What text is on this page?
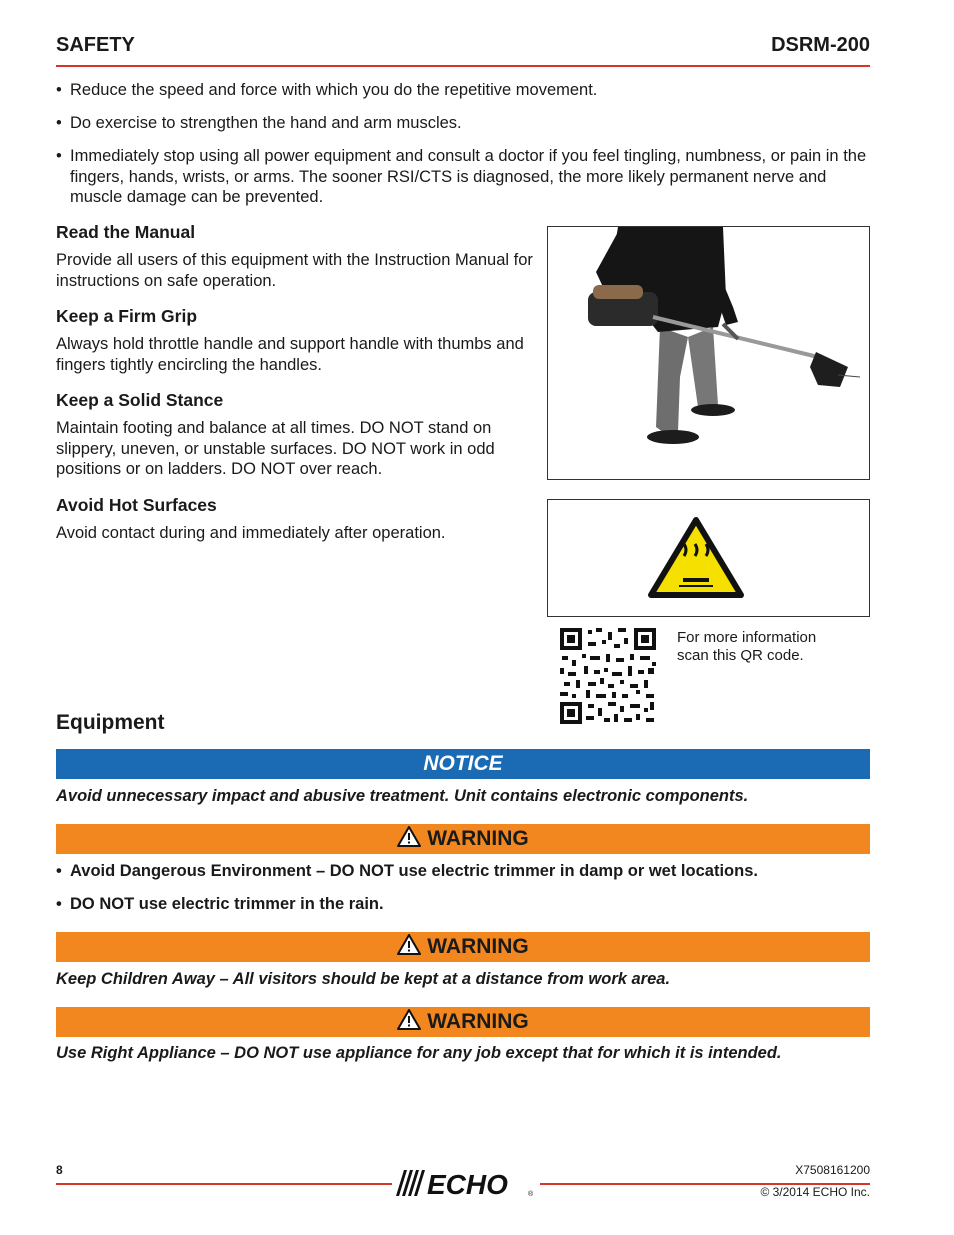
SAFETY	DSRM-200
• Reduce the speed and force with which you do the repetitive movement.
• Do exercise to strengthen the hand and arm muscles.
• Immediately stop using all power equipment and consult a doctor if you feel tingling, numbness, or pain in the fingers, hands, wrists, or arms. The sooner RSI/CTS is diagnosed, the more likely permanent nerve and muscle damage can be prevented.
Read the Manual
Provide all users of this equipment with the Instruction Manual for instructions on safe operation.
Keep a Firm Grip
Always hold throttle handle and support handle with thumbs and fingers tightly encircling the handles.
Keep a Solid Stance
Maintain footing and balance at all times. DO NOT stand on slippery, uneven, or unstable surfaces. DO NOT work in odd positions or on ladders. DO NOT over reach.
Avoid Hot Surfaces
Avoid contact during and immediately after operation.
For more information scan this QR code.
Equipment
NOTICE
Avoid unnecessary impact and abusive treatment. Unit contains electronic components.
WARNING
• Avoid Dangerous Environment – DO NOT use electric trimmer in damp or wet locations.
• DO NOT use electric trimmer in the rain.
WARNING
Keep Children Away – All visitors should be kept at a distance from work area.
WARNING
Use Right Appliance – DO NOT use appliance for any job except that for which it is intended.
8	ECHO	®
X7508161200
© 3/2014 ECHO Inc.
